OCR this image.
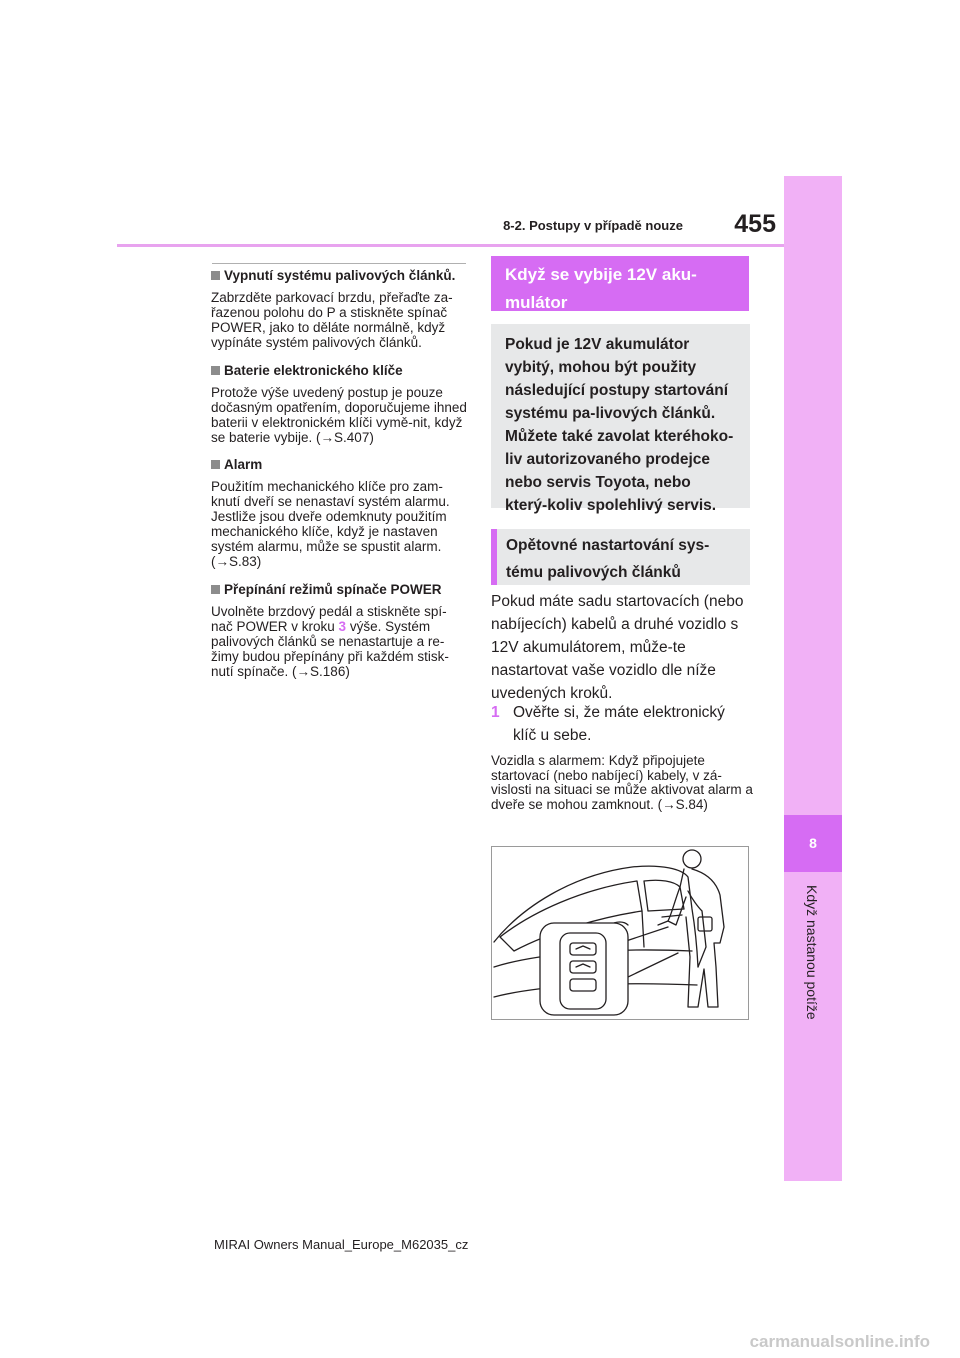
455
8-2. Postupy v případě nouze
8
Když nastanou potíže

Vypnutí systému palivových článků.

Zabrzděte parkovací brzdu, přeřaďte za-řazenou polohu do P a stiskněte spínač POWER, jako to děláte normálně, když vypínáte systém palivových článků.

Baterie elektronického klíče

Protože výše uvedený postup je pouze dočasným opatřením, doporučujeme ihned baterii v elektronickém klíči vymě-nit, když se baterie vybije. (→S.407)

Alarm

Použitím mechanického klíče pro zam-knutí dveří se nenastaví systém alarmu. Jestliže jsou dveře odemknuty použitím mechanického klíče, když je nastaven systém alarmu, může se spustit alarm. (→S.83)

Přepínání režimů spínače POWER

Uvolněte brzdový pedál a stiskněte spí-nač POWER v kroku 3 výše. Systém palivových článků se nenastartuje a re-žimy budou přepínány při každém stisk-nutí spínače. (→S.186)

Když se vybije 12V aku-mulátor

Pokud je 12V akumulátor vybitý, mohou být použity následující postupy startování systému pa-livových článků.

Můžete také zavolat kteréhoko-liv autorizovaného prodejce nebo servis Toyota, nebo který-koliv spolehlivý servis.

Opětovné nastartování sys-tému palivových článků
Pokud máte sadu startovacích (nebo nabíjecích) kabelů a druhé vozidlo s 12V akumulátorem, může-te nastartovat vaše vozidlo dle níže uvedených kroků.
1 Ověřte si, že máte elektronický klíč u sebe.
Vozidla s alarmem: Když připojujete startovací (nebo nabíjecí) kabely, v zá-vislosti na situaci se může aktivovat alarm a dveře se mohou zamknout. (→S.84)
MIRAI Owners Manual_Europe_M62035_cz
carmanualsonline.info
